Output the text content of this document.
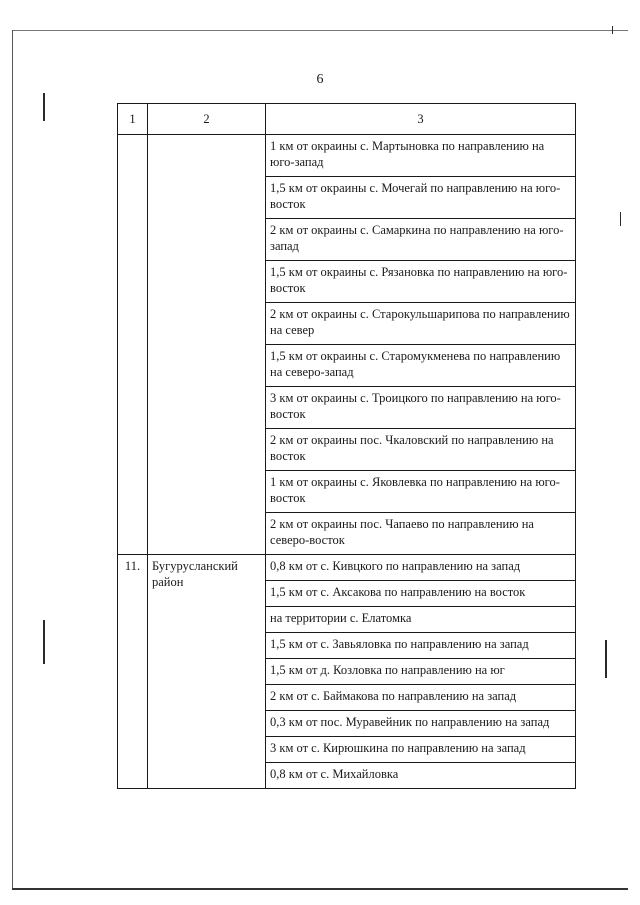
6
1	2	3
		1 км от окраины с. Мартыновка по направлению на юго-запад
		1,5 км от окраины с. Мочегай по направлению на юго-восток
		2 км от окраины с. Самаркина по направлению на юго-запад
		1,5 км от окраины с. Рязановка по направлению на юго-восток
		2 км от окраины с. Старокульшарипова по направлению на север
		1,5 км от окраины с. Старомукменева по направлению на северо-запад
		3 км от окраины с. Троицкого по направлению на юго-восток
		2 км от окраины пос. Чкаловский по направлению на восток
		1 км от окраины с. Яковлевка по направлению на юго-восток
		2 км от окраины пос. Чапаево по направлению на северо-восток
11.	Бугурусланский район	0,8 км от с. Кивцкого по направлению на запад
		1,5 км от с. Аксакова по направлению на восток
		на территории с. Елатомка
		1,5 км от с. Завьяловка по направлению на запад
		1,5 км от д. Козловка по направлению на юг
		2 км от с. Баймакова по направлению на запад
		0,3 км от пос. Муравейник по направлению на запад
		3 км от с. Кирюшкина по направлению на запад
		0,8 км от с. Михайловка
